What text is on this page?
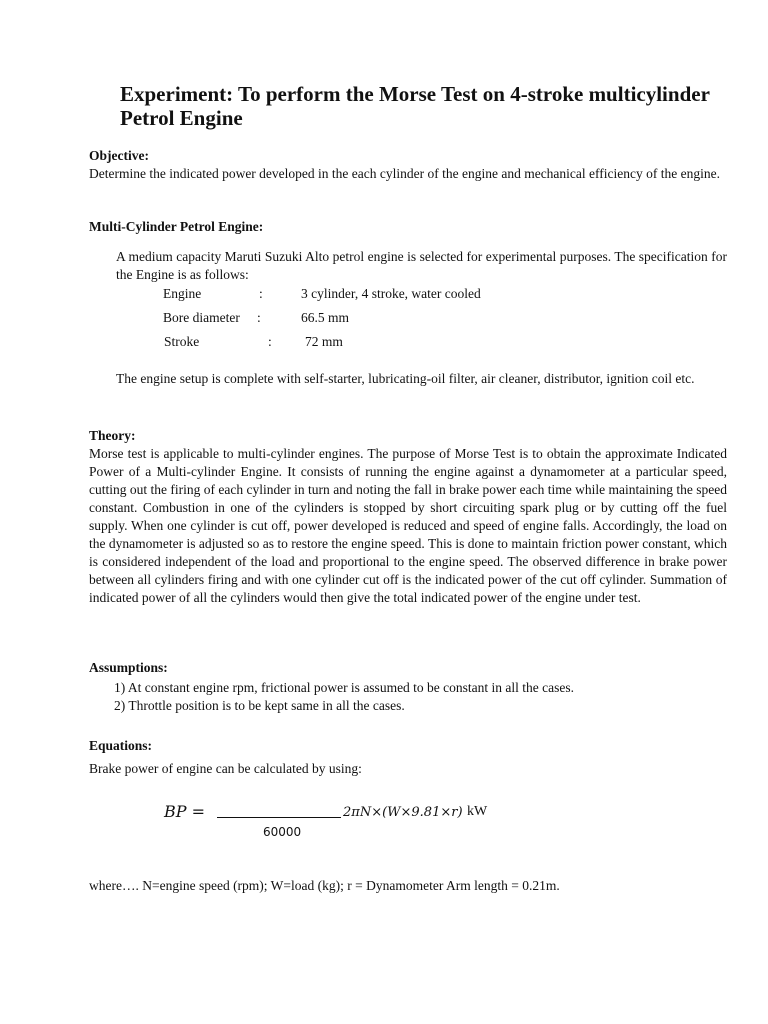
Experiment: To perform the Morse Test on 4-stroke multicylinder Petrol Engine
Objective:
Determine the indicated power developed in the each cylinder of the engine and mechanical efficiency of the engine.
Multi-Cylinder Petrol Engine:
A medium capacity Maruti Suzuki Alto petrol engine is selected for experimental purposes. The specification for the Engine is as follows:
Engine	:	3 cylinder, 4 stroke, water cooled
Bore diameter :	66.5 mm
Stroke	: 72 mm
The engine setup is complete with self-starter, lubricating-oil filter, air cleaner, distributor, ignition coil etc.
Theory:
Morse test is applicable to multi-cylinder engines. The purpose of Morse Test is to obtain the approximate Indicated Power of a Multi-cylinder Engine. It consists of running the engine against a dynamometer at a particular speed, cutting out the firing of each cylinder in turn and noting the fall in brake power each time while maintaining the speed constant. Combustion in one of the cylinders is stopped by short circuiting spark plug or by cutting off the fuel supply. When one cylinder is cut off, power developed is reduced and speed of engine falls. Accordingly, the load on the dynamometer is adjusted so as to restore the engine speed. This is done to maintain friction power constant, which is considered independent of the load and proportional to the engine speed. The observed difference in brake power between all cylinders firing and with one cylinder cut off is the indicated power of the cut off cylinder. Summation of indicated power of all the cylinders would then give the total indicated power of the engine under test.
Assumptions:
1) At constant engine rpm, frictional power is assumed to be constant in all the cases.
2) Throttle position is to be kept same in all the cases.
Equations:
Brake power of engine can be calculated by using:
BP =	2πN×(W×9.81×r) kW
60000
where…. N=engine speed (rpm); W=load (kg); r = Dynamometer Arm length = 0.21m.
